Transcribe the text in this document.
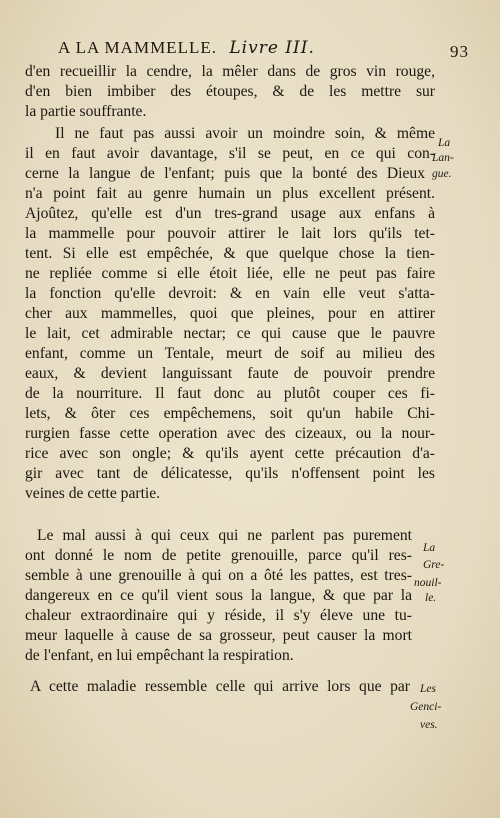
A LA MAMMELLE. Livre III.	93
d'en recueillir la cendre, la mêler dans de gros vin rouge,
d'en bien imbiber des étoupes, & de les mettre sur
la partie souffrante.
Il ne faut pas aussi avoir un moindre soin, & même
il en faut avoir davantage, s'il se peut, en ce qui con-
cerne la langue de l'enfant; puis que la bonté des Dieux
n'a point fait au genre humain un plus excellent présent.
Ajoûtez, qu'elle est d'un tres-grand usage aux enfans à
la mammelle pour pouvoir attirer le lait lors qu'ils tet-
tent. Si elle est empêchée, & que quelque chose la tien-
ne repliée comme si elle étoit liée, elle ne peut pas faire
la fonction qu'elle devroit: & en vain elle veut s'atta-
cher aux mammelles, quoi que pleines, pour en attirer
le lait, cet admirable nectar; ce qui cause que le pauvre
enfant, comme un Tentale, meurt de soif au milieu des
eaux, & devient languissant faute de pouvoir prendre
de la nourriture. Il faut donc au plutôt couper ces fi-
lets, & ôter ces empêchemens, soit qu'un habile Chi-
rurgien fasse cette operation avec des cizeaux, ou la nour-
rice avec son ongle; & qu'ils ayent cette précaution d'a-
gir avec tant de délicatesse, qu'ils n'offensent point les
veines de cette partie.
Le mal aussi à qui ceux qui ne parlent pas purement
ont donné le nom de petite grenouille, parce qu'il res-
semble à une grenouille à qui on a ôté les pattes, est tres-
dangereux en ce qu'il vient sous la langue, & que par la
chaleur extraordinaire qui y réside, il s'y éleve une tu-
meur laquelle à cause de sa grosseur, peut causer la mort
de l'enfant, en lui empêchant la respiration.
A cette maladie ressemble celle qui arrive lors que par
La
Lan-
gue.
La
Gre-
nouil-
le.
Les
Genci-
ves.
